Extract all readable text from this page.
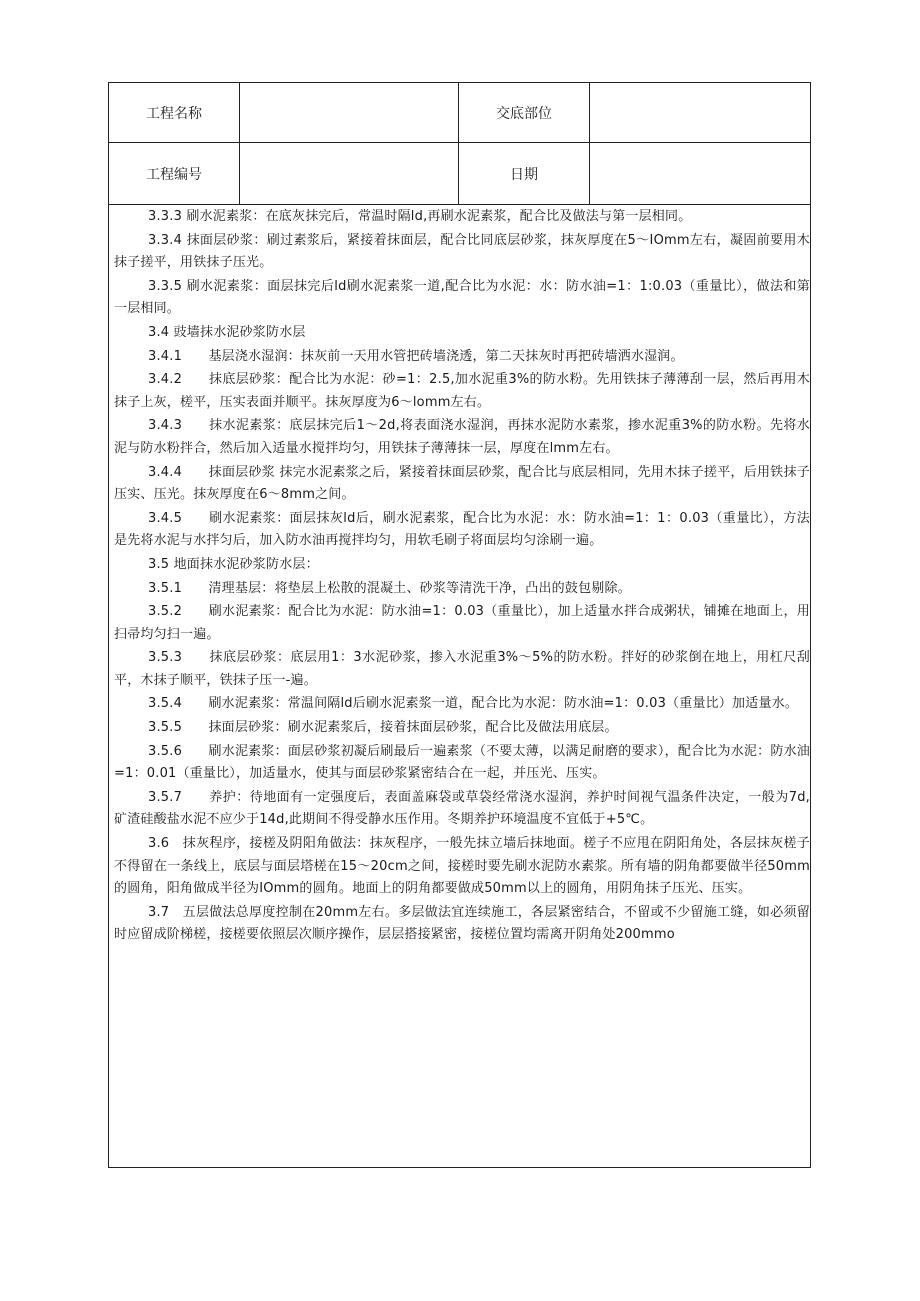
工程名称	交底部位
工程编号	日期

3.3.3 刷水泥素浆：在底灰抹完后，常温时隔ld,再刷水泥素浆，配合比及做法与第一层相同。

3.3.4 抹面层砂浆：刷过素浆后，紧接着抹面层，配合比同底层砂浆，抹灰厚度在5～IOmm左右，凝固前要用木抹子搓平，用铁抹子压光。

3.3.5 刷水泥素浆：面层抹完后ld刷水泥素浆一道,配合比为水泥：水：防水油=1：1:0.03（重量比），做法和第一层相同。

3.4 豉墙抹水泥砂浆防水层

3.4.1　　基层浇水湿润：抹灰前一天用水管把砖墙浇透，第二天抹灰时再把砖墙洒水湿润。

3.4.2　　抹底层砂浆：配合比为水泥：砂=1：2.5,加水泥重3%的防水粉。先用铁抹子薄薄刮一层，然后再用木抹子上灰，槎平，压实表面并顺平。抹灰厚度为6～lomm左右。

3.4.3　　抹水泥素浆：底层抹完后1～2d,将表面浇水湿润，再抹水泥防水素浆，掺水泥重3%的防水粉。先将水泥与防水粉拌合，然后加入适量水搅拌均匀，用铁抹子薄薄抹一层，厚度在lmm左右。

3.4.4　　抹面层砂浆 抹完水泥素浆之后，紧接着抹面层砂浆，配合比与底层相同，先用木抹子搓平，后用铁抹子压实、压光。抹灰厚度在6～8mm之间。

3.4.5　　刷水泥素浆：面层抹灰ld后，刷水泥素浆，配合比为水泥：水：防水油=1：1：0.03（重量比），方法是先将水泥与水拌匀后，加入防水油再搅拌均匀，用软毛刷子将面层均匀涂刷一遍。

3.5 地面抹水泥砂浆防水层：

3.5.1　　清理基层：将垫层上松散的混凝土、砂浆等清洗干净，凸出的鼓包剔除。

3.5.2　　刷水泥素浆：配合比为水泥：防水油=1：0.03（重量比），加上适量水拌合成粥状，铺摊在地面上，用扫帚均匀扫一遍。

3.5.3　　抹底层砂浆：底层用1：3水泥砂浆，掺入水泥重3%～5%的防水粉。拌好的砂浆倒在地上，用杠尺刮平，木抹子顺平，铁抹子压一-遍。

3.5.4　　刷水泥素浆：常温间隔ld后刷水泥素浆一道，配合比为水泥：防水油=1：0.03（重量比）加适量水。

3.5.5　　抹面层砂浆：刷水泥素浆后，接着抹面层砂浆，配合比及做法用底层。

3.5.6　　刷水泥素浆：面层砂浆初凝后刷最后一遍素浆（不要太薄，以满足耐磨的要求），配合比为水泥：防水油=1：0.01（重量比），加适量水，使其与面层砂浆紧密结合在一起，并压光、压实。

3.5.7　　养护：待地面有一定强度后，表面盖麻袋或草袋经常浇水湿润，养护时间视气温条件决定，一般为7d,矿渣硅酸盐水泥不应少于14d,此期间不得受静水压作用。冬期养护环境温度不宜低于+5℃。

3.6　抹灰程序，接槎及阴阳角做法：抹灰程序，一般先抹立墙后抹地面。槎子不应甩在阴阳角处，各层抹灰槎子不得留在一条线上，底层与面层塔槎在15～20cm之间，接槎时要先刷水泥防水素浆。所有墙的阴角都要做半径50mm的圆角，阳角做成半径为IOmm的圆角。地面上的阴角都要做成50mm以上的圆角，用阴角抹子压光、压实。

3.7　五层做法总厚度控制在20mm左右。多层做法宜连续施工，各层紧密结合，不留或不少留施工缝，如必须留时应留成阶梯槎，接槎要依照层次顺序操作，层层搭接紧密，接槎位置均需离开阴角处200mmo
